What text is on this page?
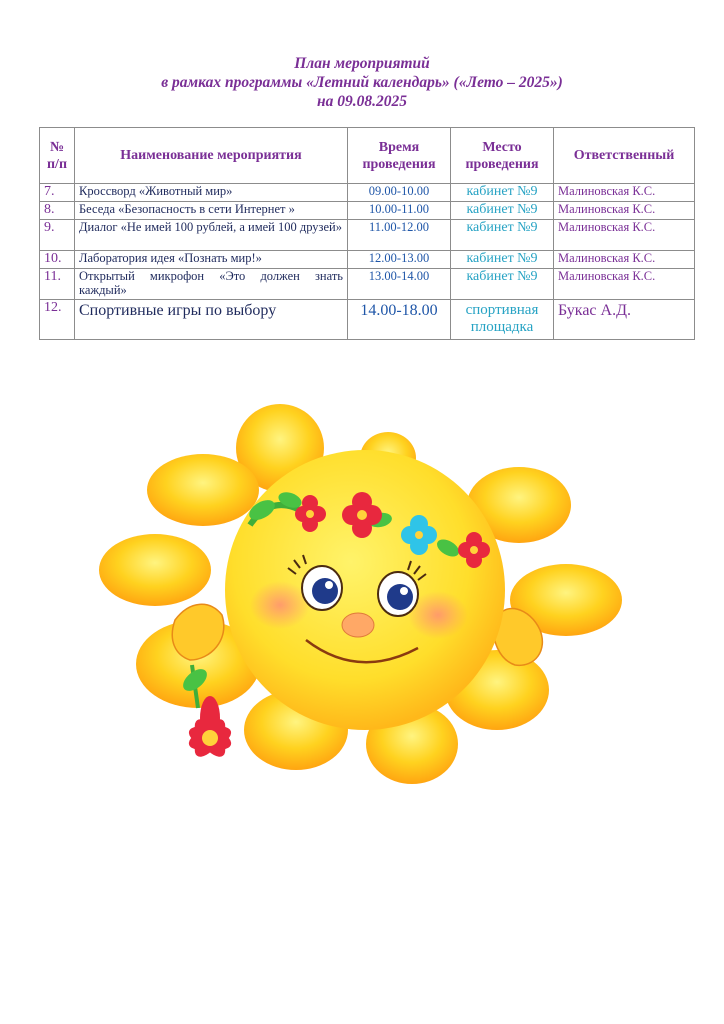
План мероприятий
в рамках программы «Летний календарь» («Лето – 2025»)
на 09.08.2025
№ п/п	Наименование мероприятия	Время проведения	Место проведения	Ответственный
7.	Кроссворд «Животный мир»	09.00-10.00	кабинет №9	Малиновская К.С.
8.	Беседа «Безопасность в сети Интернет »	10.00-11.00	кабинет №9	Малиновская К.С.
9.	Диалог «Не имей 100 рублей, а имей 100 друзей»	11.00-12.00	кабинет №9	Малиновская К.С.
10.	Лаборатория идея «Познать мир!»	12.00-13.00	кабинет №9	Малиновская К.С.
11.	Открытый микрофон «Это должен знать каждый»	13.00-14.00	кабинет №9	Малиновская К.С.
12.	Спортивные игры по выбору	14.00-18.00	спортивная площадка	Букас А.Д.
